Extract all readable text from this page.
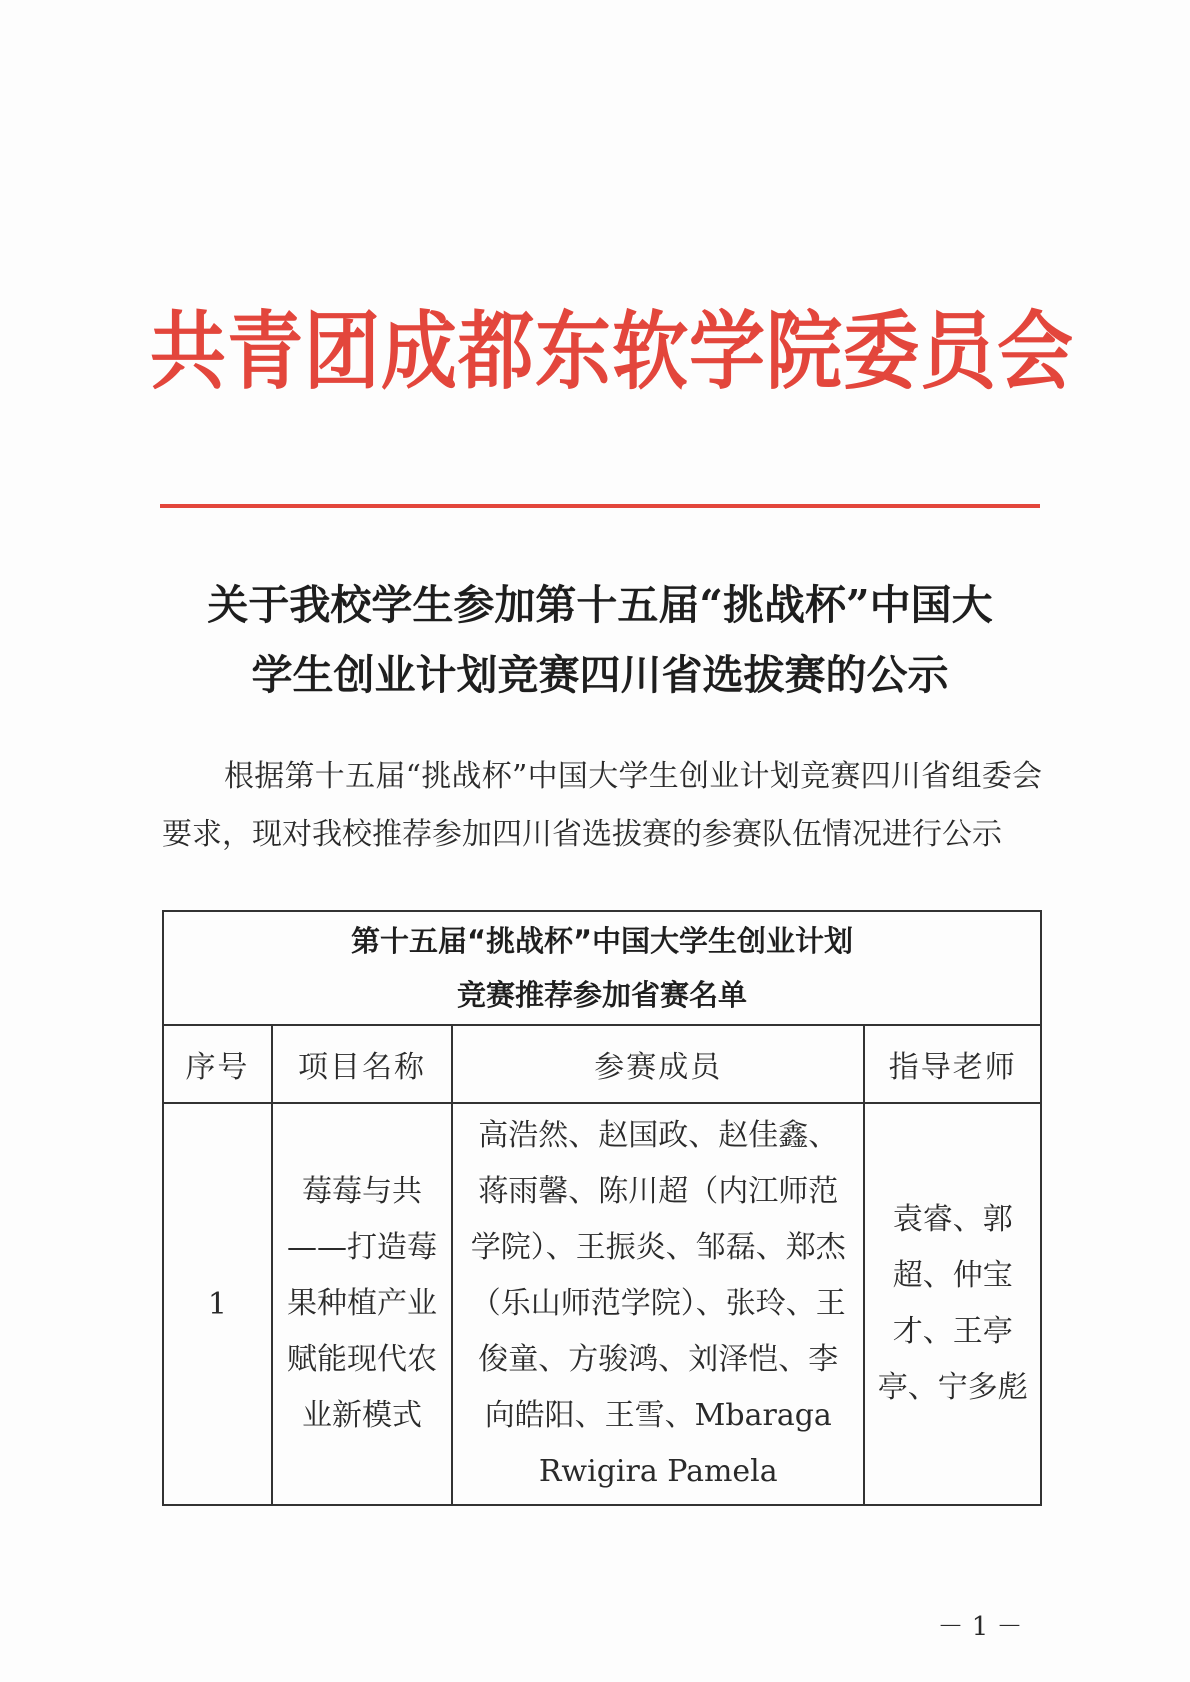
共青团成都东软学院委员会
关于我校学生参加第十五届“挑战杯”中国大
学生创业计划竞赛四川省选拔赛的公示

根据第十五届“挑战杯”中国大学生创业计划竞赛四川省组委会要求，现对我校推荐参加四川省选拔赛的参赛队伍情况进行公示

第十五届“挑战杯”中国大学生创业计划
竞赛推荐参加省赛名单			

序号	项目名称	参赛成员	指导老师
1	莓莓与共——打造莓果种植产业赋能现代农业新模式	高浩然、赵国政、赵佳鑫、蒋雨馨、陈川超（内江师范学院）、王振炎、邹磊、郑杰（乐山师范学院）、张玲、王俊童、方骏鸿、刘泽恺、李向皓阳、王雪、Mbaraga Rwigira Pamela	袁睿、郭超、仲宝才、王亭亭、宁多彪
－ 1 －
